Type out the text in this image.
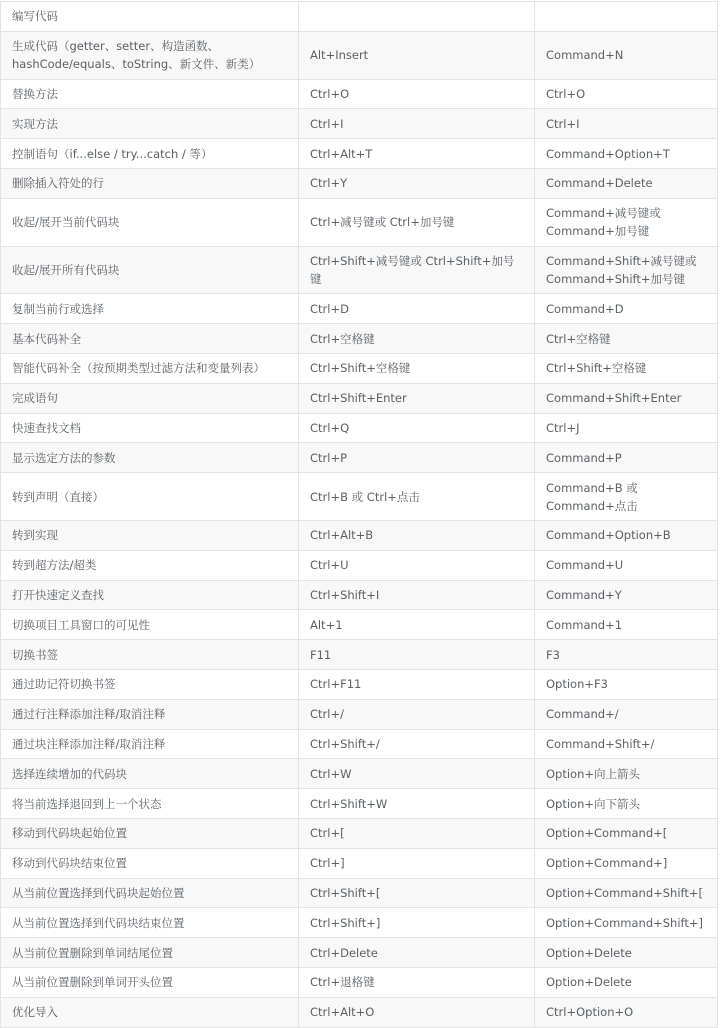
编写代码		
生成代码（getter、setter、构造函数、hashCode/equals、toString、新文件、新类）	Alt+Insert	Command+N
替换方法	Ctrl+O	Ctrl+O
实现方法	Ctrl+I	Ctrl+I
控制语句（if...else / try...catch / 等）	Ctrl+Alt+T	Command+Option+T
删除插入符处的行	Ctrl+Y	Command+Delete
收起/展开当前代码块	Ctrl+减号键或 Ctrl+加号键	Command+减号键或 Command+加号键
收起/展开所有代码块	Ctrl+Shift+减号键或 Ctrl+Shift+加号键	Command+Shift+减号键或 Command+Shift+加号键
复制当前行或选择	Ctrl+D	Command+D
基本代码补全	Ctrl+空格键	Ctrl+空格键
智能代码补全（按预期类型过滤方法和变量列表）	Ctrl+Shift+空格键	Ctrl+Shift+空格键
完成语句	Ctrl+Shift+Enter	Command+Shift+Enter
快速查找文档	Ctrl+Q	Ctrl+J
显示选定方法的参数	Ctrl+P	Command+P
转到声明（直接）	Ctrl+B 或 Ctrl+点击	Command+B 或 Command+点击
转到实现	Ctrl+Alt+B	Command+Option+B
转到超方法/超类	Ctrl+U	Command+U
打开快速定义查找	Ctrl+Shift+I	Command+Y
切换项目工具窗口的可见性	Alt+1	Command+1
切换书签	F11	F3
通过助记符切换书签	Ctrl+F11	Option+F3
通过行注释添加注释/取消注释	Ctrl+/	Command+/
通过块注释添加注释/取消注释	Ctrl+Shift+/	Command+Shift+/
选择连续增加的代码块	Ctrl+W	Option+向上箭头
将当前选择退回到上一个状态	Ctrl+Shift+W	Option+向下箭头
移动到代码块起始位置	Ctrl+[	Option+Command+[
移动到代码块结束位置	Ctrl+]	Option+Command+]
从当前位置选择到代码块起始位置	Ctrl+Shift+[	Option+Command+Shift+[
从当前位置选择到代码块结束位置	Ctrl+Shift+]	Option+Command+Shift+]
从当前位置删除到单词结尾位置	Ctrl+Delete	Option+Delete
从当前位置删除到单词开头位置	Ctrl+退格键	Option+Delete
优化导入	Ctrl+Alt+O	Ctrl+Option+O
